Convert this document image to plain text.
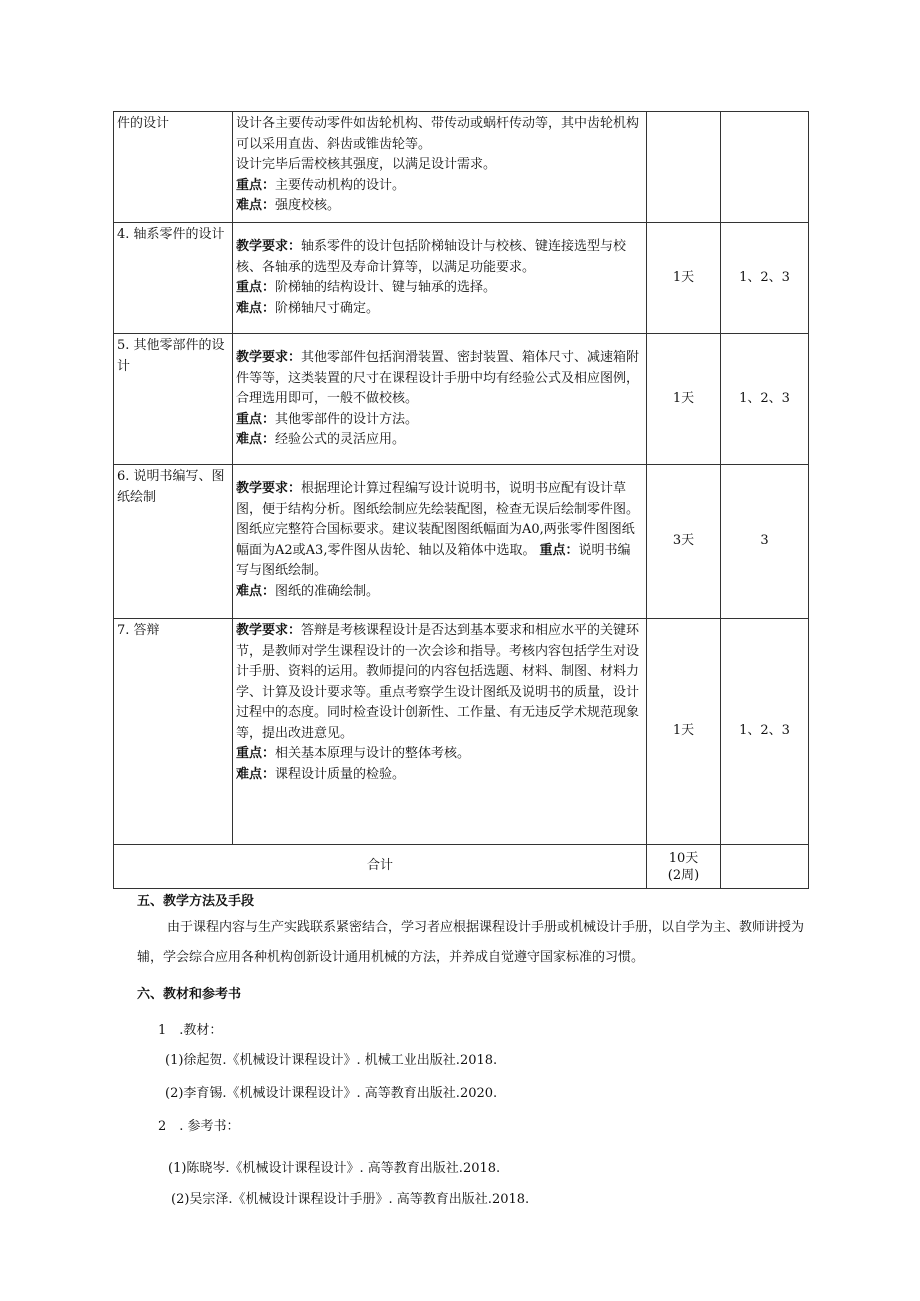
件的设计	设计各主要传动零件如齿轮机构、带传动或蜗杆传动等，其中齿轮机构可以采用直齿、斜齿或锥齿轮等。
设计完毕后需校核其强度，以满足设计需求。
重点：主要传动机构的设计。
难点：强度校核。		

4. 轴系零件的设计	教学要求：轴系零件的设计包括阶梯轴设计与校核、键连接选型与校核、各轴承的选型及寿命计算等，以满足功能要求。
重点：阶梯轴的结构设计、键与轴承的选择。
难点：阶梯轴尺寸确定。	1天	1、2、3
5. 其他零部件的设计	教学要求：其他零部件包括润滑装置、密封装置、箱体尺寸、减速箱附件等等，这类装置的尺寸在课程设计手册中均有经验公式及相应图例，合理选用即可，一般不做校核。
重点：其他零部件的设计方法。
难点：经验公式的灵活应用。	1天	1、2、3
6. 说明书编写、图纸绘制	教学要求：根据理论计算过程编写设计说明书，说明书应配有设计草图，便于结构分析。图纸绘制应先绘装配图，检查无误后绘制零件图。图纸应完整符合国标要求。建议装配图图纸幅面为A0,两张零件图图纸幅面为A2或A3,零件图从齿轮、轴以及箱体中选取。 重点：说明书编写与图纸绘制。
难点：图纸的准确绘制。	3天	3
7. 答辩	教学要求：答辩是考核课程设计是否达到基本要求和相应水平的关键环节，是教师对学生课程设计的一次会诊和指导。考核内容包括学生对设计手册、资料的运用。教师提问的内容包括选题、材料、制图、材料力学、计算及设计要求等。重点考察学生设计图纸及说明书的质量，设计过程中的态度。同时检查设计创新性、工作量、有无违反学术规范现象等，提出改进意见。
重点：相关基本原理与设计的整体考核。
难点：课程设计质量的检验。	1天	1、2、3
合计		10天
(2周)	

五、教学方法及手段
由于课程内容与生产实践联系紧密结合，学习者应根据课程设计手册或机械设计手册，以自学为主、教师讲授为辅，学会综合应用各种机构创新设计通用机械的方法，并养成自觉遵守国家标准的习惯。
六、教材和参考书
1　.教材：
(1)徐起贺.《机械设计课程设计》. 机械工业出版社.2018.
(2)李育锡.《机械设计课程设计》. 高等教育出版社.2020.
2　. 参考书：
(1)陈晓岑.《机械设计课程设计》. 高等教育出版社.2018.
(2)吴宗泽.《机械设计课程设计手册》. 高等教育出版社.2018.
